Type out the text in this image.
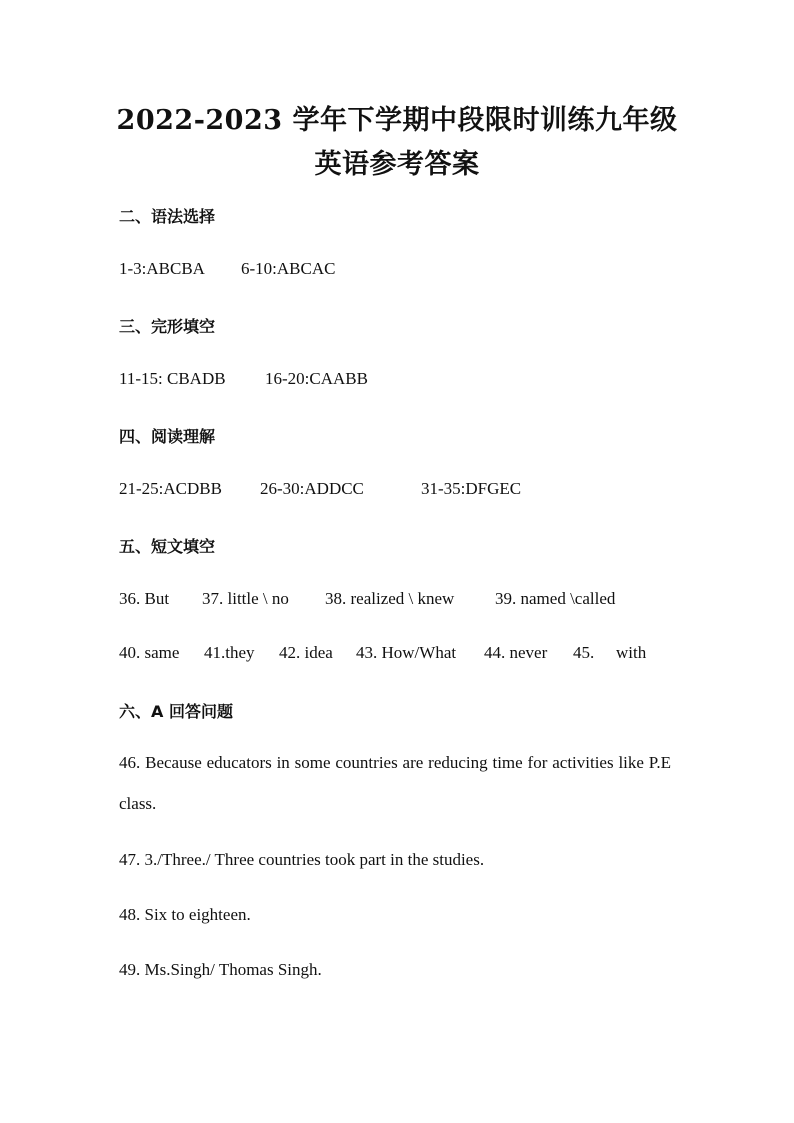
2022-2023 学年下学期中段限时训练九年级
英语参考答案
二、语法选择
1-3:ABCBA 6-10:ABCAC
三、完形填空
11-15: CBADB 16-20:CAABB
四、阅读理解
21-25:ACDBB 26-30:ADDCC	31-35:DFGEC
五、短文填空
36. But 37. little \ no 38. realized \ knew 39. named \called
40. same 41.they 42. idea 43. How/What 44. never 45. with
六、A 回答问题
46. Because educators in some countries are reducing time for activities like P.E class.
47. 3./Three./ Three countries took part in the studies.
48. Six to eighteen.
49. Ms.Singh/ Thomas Singh.
